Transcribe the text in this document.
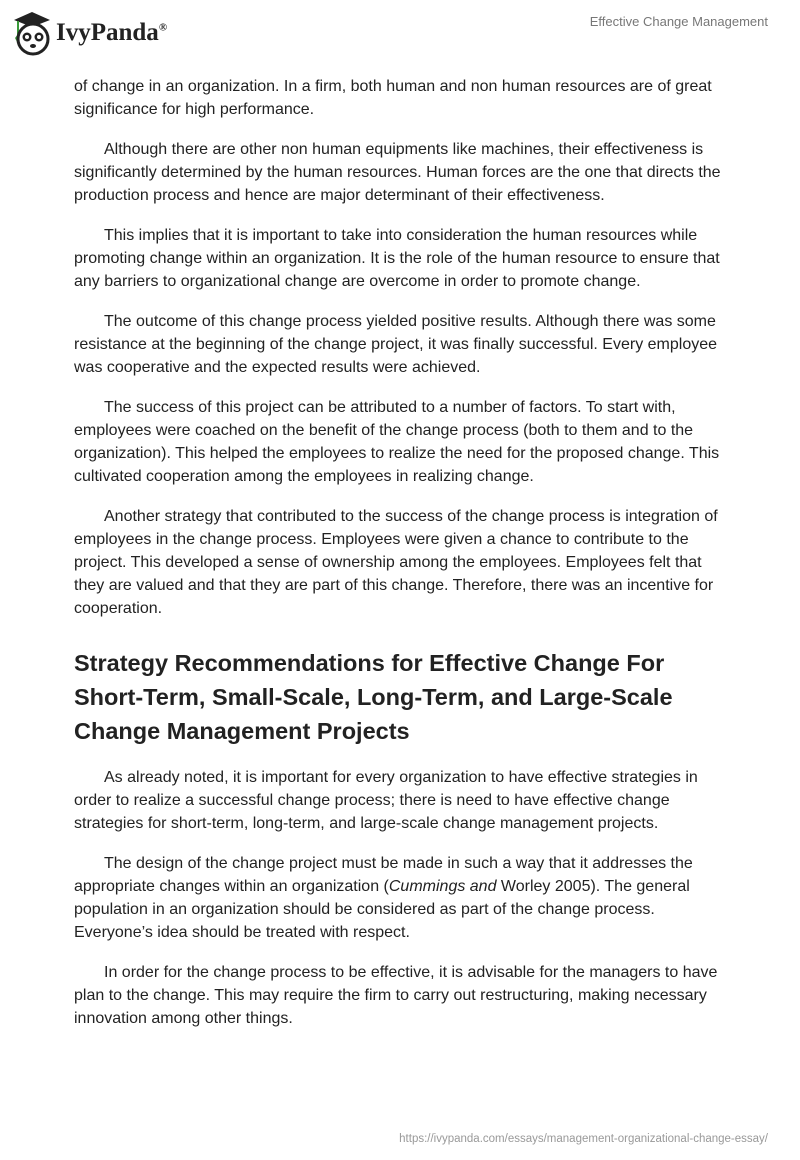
IvyPanda®	Effective Change Management

of change in an organization. In a firm, both human and non human resources are of great significance for high performance.

Although there are other non human equipments like machines, their effectiveness is significantly determined by the human resources. Human forces are the one that directs the production process and hence are major determinant of their effectiveness.

This implies that it is important to take into consideration the human resources while promoting change within an organization. It is the role of the human resource to ensure that any barriers to organizational change are overcome in order to promote change.

The outcome of this change process yielded positive results. Although there was some resistance at the beginning of the change project, it was finally successful. Every employee was cooperative and the expected results were achieved.

The success of this project can be attributed to a number of factors. To start with, employees were coached on the benefit of the change process (both to them and to the organization). This helped the employees to realize the need for the proposed change. This cultivated cooperation among the employees in realizing change.

Another strategy that contributed to the success of the change process is integration of employees in the change process. Employees were given a chance to contribute to the project. This developed a sense of ownership among the employees. Employees felt that they are valued and that they are part of this change. Therefore, there was an incentive for cooperation.

Strategy Recommendations for Effective Change For Short-Term, Small-Scale, Long-Term, and Large-Scale Change Management Projects

As already noted, it is important for every organization to have effective strategies in order to realize a successful change process; there is need to have effective change strategies for short-term, long-term, and large-scale change management projects.

The design of the change project must be made in such a way that it addresses the appropriate changes within an organization (Cummings and Worley 2005). The general population in an organization should be considered as part of the change process. Everyone’s idea should be treated with respect.

In order for the change process to be effective, it is advisable for the managers to have plan to the change. This may require the firm to carry out restructuring, making necessary innovation among other things.

https://ivypanda.com/essays/management-organizational-change-essay/
